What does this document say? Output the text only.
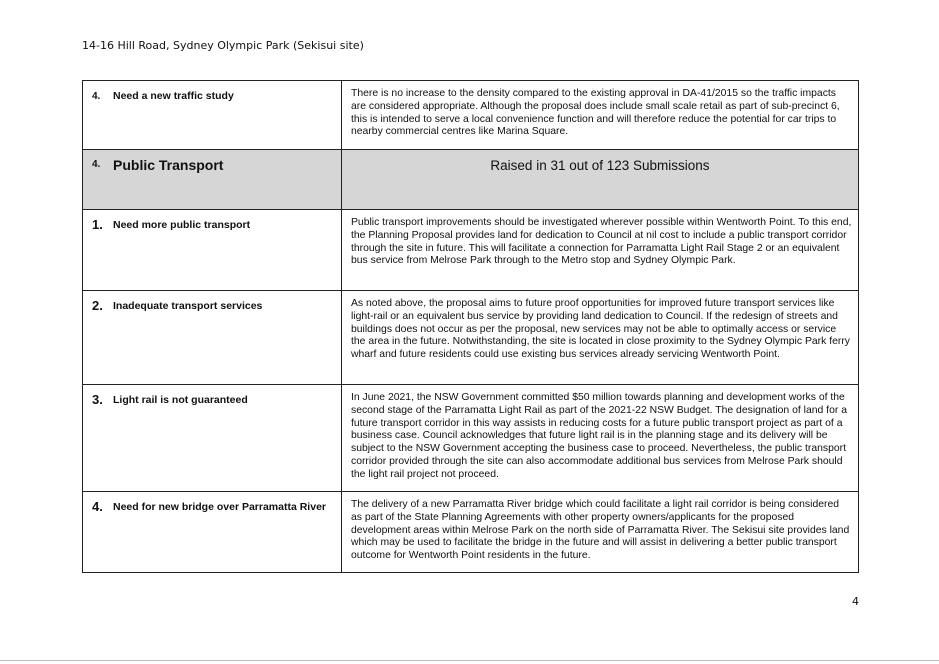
14-16 Hill Road, Sydney Olympic Park (Sekisui site)
4. Need a new traffic study	There is no increase to the density compared to the existing approval in DA-41/2015 so the traffic impacts are considered appropriate. Although the proposal does include small scale retail as part of sub-precinct 6, this is intended to serve a local convenience function and will therefore reduce the potential for car trips to nearby commercial centres like Marina Square.

4. Public Transport	Raised in 31 out of 123 Submissions

1. Need more public transport	Public transport improvements should be investigated wherever possible within Wentworth Point. To this end, the Planning Proposal provides land for dedication to Council at nil cost to include a public transport corridor through the site in future. This will facilitate a connection for Parramatta Light Rail Stage 2 or an equivalent bus service from Melrose Park through to the Metro stop and Sydney Olympic Park.

2. Inadequate transport services	As noted above, the proposal aims to future proof opportunities for improved future transport services like light-rail or an equivalent bus service by providing land dedication to Council. If the redesign of streets and buildings does not occur as per the proposal, new services may not be able to optimally access or service the area in the future. Notwithstanding, the site is located in close proximity to the Sydney Olympic Park ferry wharf and future residents could use existing bus services already servicing Wentworth Point.

3. Light rail is not guaranteed	In June 2021, the NSW Government committed $50 million towards planning and development works of the second stage of the Parramatta Light Rail as part of the 2021-22 NSW Budget. The designation of land for a future transport corridor in this way assists in reducing costs for a future public transport project as part of a business case. Council acknowledges that future light rail is in the planning stage and its delivery will be subject to the NSW Government accepting the business case to proceed. Nevertheless, the public transport corridor provided through the site can also accommodate additional bus services from Melrose Park should the light rail project not proceed.

4. Need for new bridge over Parramatta River	The delivery of a new Parramatta River bridge which could facilitate a light rail corridor is being considered as part of the State Planning Agreements with other property owners/applicants for the proposed development areas within Melrose Park on the north side of Parramatta River. The Sekisui site provides land which may be used to facilitate the bridge in the future and will assist in delivering a better public transport outcome for Wentworth Point residents in the future.
4
